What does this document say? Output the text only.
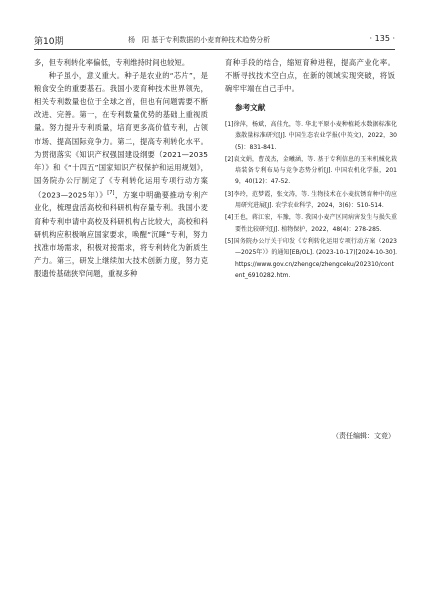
第10期	杨　阳 基于专利数据的小麦育种技术趋势分析	· 135 ·

多，但专利转化率偏低，专利维持时间也较短。

种子虽小，意义重大。种子是农业的“芯片”，是粮食安全的重要基石。我国小麦育种技术世界领先，相关专利数量也位于全球之首，但也有问题需要不断改进、完善。第一，在专利数量优势的基础上重视质量。努力提升专利质量，培育更多高价值专利，占领市场、提高国际竞争力。第二，提高专利转化水平。为贯彻落实《知识产权强国建设纲要（2021—2035年）》和《“十四五”国家知识产权保护和运用规划》，国务院办公厅制定了《专利转化运用专项行动方案（2023—2025年）》[7]，方案中明确要推动专利产业化，梳理盘活高校和科研机构存量专利。我国小麦育种专利申请中高校及科研机构占比较大，高校和科研机构应积极响应国家要求，唤醒“沉睡”专利，努力找准市场需求，积极对接需求，将专利转化为新质生产力。第三，研发上继续加大技术创新力度，努力克服遗传基础狭窄问题，重视多种

育种手段的结合，缩短育种进程，提高产业化率。不断寻找技术空白点，在新的领域实现突破，将饭碗牢牢端在自己手中。

参考文献

[1]徐萍，杨斌，高佳允，等. 华北平原小麦种植耗水数据标准化蒸散量标准研究[J]. 中国生态农业学报(中英文)，2022，30(5)：831-841.

[2]袁文娟，曹茂杰，金曦涵，等. 基于专利信息的玉米机械化栽培装备专利布局与竞争态势分析[J]. 中国农机化学报，2019，40(12)：47-52.

[3]李玲，范梦霞，张文涛，等. 生物技术在小麦抗锈育种中的应用研究进展[J]. 农学农业科学，2024，3(6)：510-514.

[4]王也，蒋江宏，车豫，等. 我国小麦产区同病害发生与损失重要性比较研究[J]. 植物保护，2022，48(4)：278-285.

[5]国务院办公厅关于印发《专利转化运用专项行动方案（2023—2025年）》的通知[EB/OL]. (2023-10-17)[2024-10-30]. https://www.gov.cn/zhengce/zhengceku/202310/content_6910282.htm.

（责任编辑：文竞）
